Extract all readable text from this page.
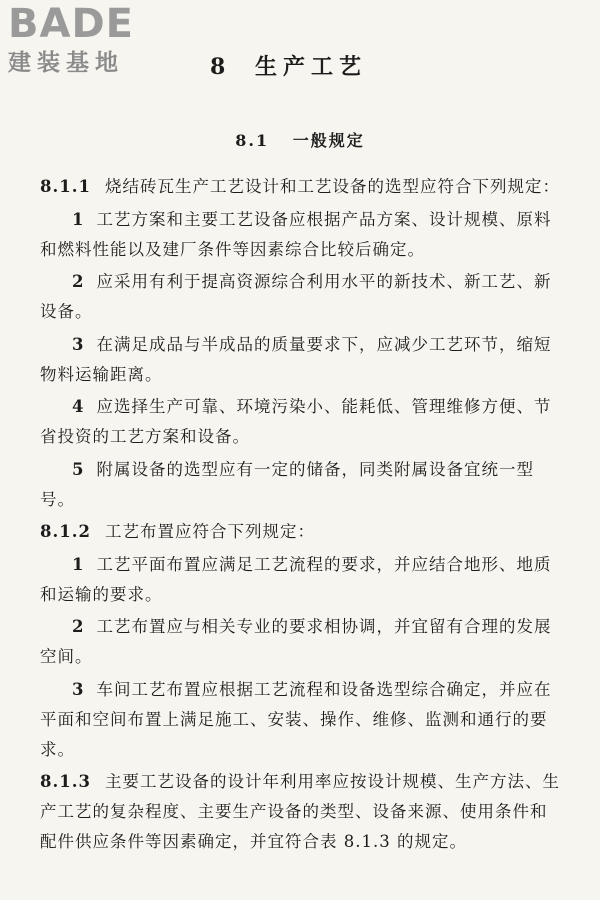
BADE
建装基地	8 生产工艺
8.1 一般规定

8.1.1 烧结砖瓦生产工艺设计和工艺设备的选型应符合下列规定：

1 工艺方案和主要工艺设备应根据产品方案、设计规模、原料和燃料性能以及建厂条件等因素综合比较后确定。

2 应采用有利于提高资源综合利用水平的新技术、新工艺、新设备。

3 在满足成品与半成品的质量要求下，应减少工艺环节，缩短物料运输距离。

4 应选择生产可靠、环境污染小、能耗低、管理维修方便、节省投资的工艺方案和设备。

5 附属设备的选型应有一定的储备，同类附属设备宜统一型号。

8.1.2 工艺布置应符合下列规定：

1 工艺平面布置应满足工艺流程的要求，并应结合地形、地质和运输的要求。

2 工艺布置应与相关专业的要求相协调，并宜留有合理的发展空间。

3 车间工艺布置应根据工艺流程和设备选型综合确定，并应在平面和空间布置上满足施工、安装、操作、维修、监测和通行的要求。

8.1.3 主要工艺设备的设计年利用率应按设计规模、生产方法、生产工艺的复杂程度、主要生产设备的类型、设备来源、使用条件和配件供应条件等因素确定，并宜符合表 8.1.3 的规定。
